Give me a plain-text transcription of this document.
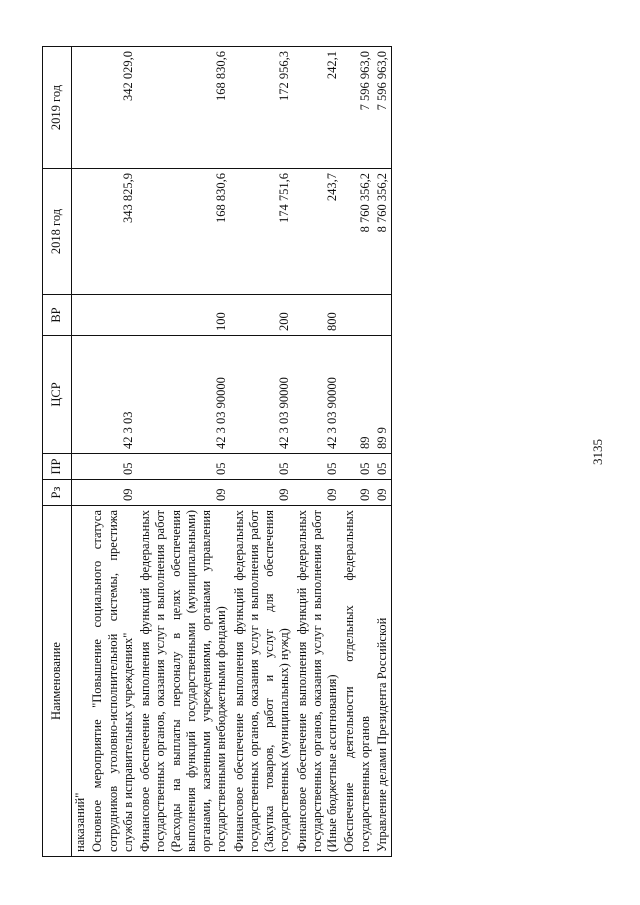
3135
Наименование	Рз	ПР	ЦСР	ВР	2018 год	2019 год
наказаний"						
Основное мероприятие "Повышение социального статуса сотрудников уголовно-исполнительной системы, престижа службы в исправительных учреждениях"	09	05	42 3 03		343 825,9	342 029,0
Финансовое обеспечение выполнения функций федеральных государственных органов, оказания услуг и выполнения работ (Расходы на выплаты персоналу в целях обеспечения выполнения функций государственными (муниципальными) органами, казенными учреждениями, органами управления государственными внебюджетными фондами)	09	05	42 3 03 90000	100	168 830,6	168 830,6
Финансовое обеспечение выполнения функций федеральных государственных органов, оказания услуг и выполнения работ (Закупка товаров, работ и услуг для обеспечения государственных (муниципальных) нужд)	09	05	42 3 03 90000	200	174 751,6	172 956,3
Финансовое обеспечение выполнения функций федеральных государственных органов, оказания услуг и выполнения работ (Иные бюджетные ассигнования)	09	05	42 3 03 90000	800	243,7	242,1
Обеспечение деятельности отдельных федеральных государственных органов	09	05	89		8 760 356,2	7 596 963,0
Управление делами Президента Российской	09	05	89 9		8 760 356,2	7 596 963,0
